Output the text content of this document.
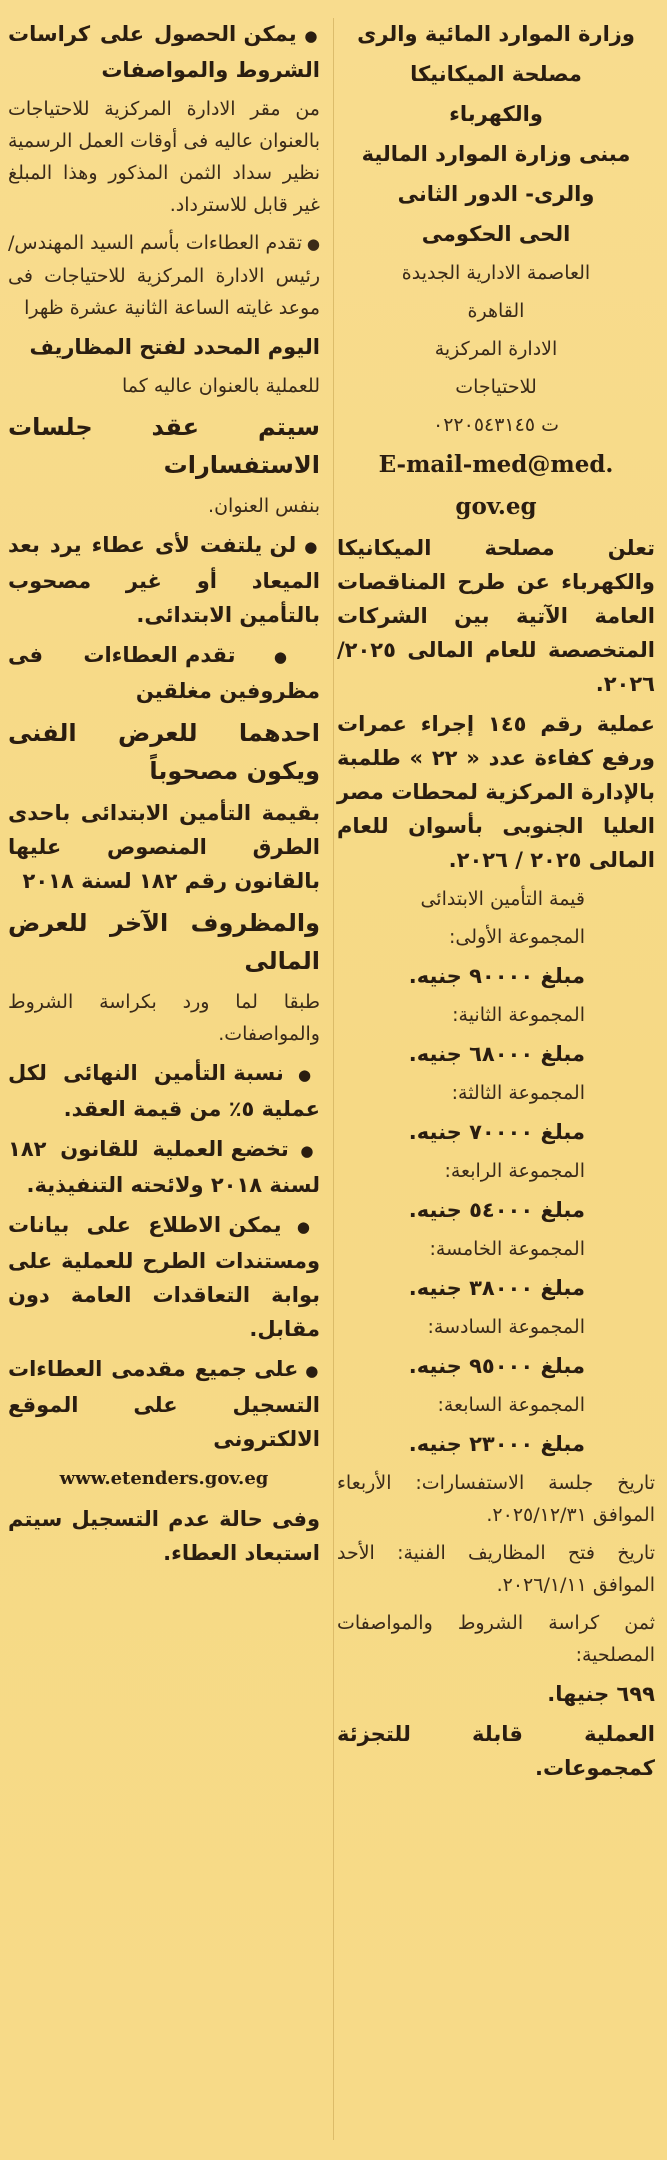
وزارة الموارد المائية والرى

مصلحة الميكانيكا

والكهرباء

مبنى وزارة الموارد المالية

والرى- الدور الثانى

الحى الحكومى

العاصمة الادارية الجديدة

القاهرة

الادارة المركزية

للاحتياجات

ت ٠٢٢٠٥٤٣١٤٥

E-mail-med@med.

gov.eg

تعلن مصلحة الميكانيكا والكهرباء عن طرح المناقصات العامة الآتية بين الشركات المتخصصة للعام المالى ٢٠٢٥/ ٢٠٢٦.

عملية رقم ١٤٥ إجراء عمرات ورفع كفاءة عدد « ٢٢ » طلمبة بالإدارة المركزية لمحطات مصر العليا الجنوبى بأسوان للعام المالى ٢٠٢٥ / ٢٠٢٦.

قيمة التأمين الابتدائى

المجموعة الأولى:

مبلغ ٩٠٠٠٠ جنيه.

المجموعة الثانية:

مبلغ ٦٨٠٠٠ جنيه.

المجموعة الثالثة:

مبلغ ٧٠٠٠٠ جنيه.

المجموعة الرابعة:

مبلغ ٥٤٠٠٠ جنيه.

المجموعة الخامسة:

مبلغ ٣٨٠٠٠ جنيه.

المجموعة السادسة:

مبلغ ٩٥٠٠٠ جنيه.

المجموعة السابعة:

مبلغ ٢٣٠٠٠ جنيه.

تاريخ جلسة الاستفسارات: الأربعاء الموافق ٢٠٢٥/١٢/٣١.

تاريخ فتح المظاريف الفنية: الأحد الموافق ٢٠٢٦/١/١١.

ثمن كراسة الشروط والمواصفات المصلحية:

٦٩٩ جنيها.

العملية قابلة للتجزئة كمجموعات.

● يمكن الحصول على كراسات الشروط والمواصفات

من مقر الادارة المركزية للاحتياجات بالعنوان عاليه فى أوقات العمل الرسمية نظير سداد الثمن المذكور وهذا المبلغ غير قابل للاسترداد.

● تقدم العطاءات بأسم السيد المهندس/ رئيس الادارة المركزية للاحتياجات فى موعد غايته الساعة الثانية عشرة ظهرا

اليوم المحدد لفتح المظاريف

للعملية بالعنوان عاليه كما

سيتم عقد جلسات الاستفسارات

بنفس العنوان.

● لن يلتفت لأى عطاء يرد بعد الميعاد أو غير مصحوب بالتأمين الابتدائى.

● تقدم العطاءات فى مظروفين مغلقين

احدهما للعرض الفنى ويكون مصحوباً

بقيمة التأمين الابتدائى باحدى الطرق المنصوص عليها بالقانون رقم ١٨٢ لسنة ٢٠١٨

والمظروف الآخر للعرض المالى

طبقا لما ورد بكراسة الشروط والمواصفات.

● نسبة التأمين النهائى لكل عملية ٥٪ من قيمة العقد.

● تخضع العملية للقانون ١٨٢ لسنة ٢٠١٨ ولائحته التنفيذية.

● يمكن الاطلاع على بيانات ومستندات الطرح للعملية على بوابة التعاقدات العامة دون مقابل.

● على جميع مقدمى العطاءات التسجيل على الموقع الالكترونى

www.etenders.gov.eg

وفى حالة عدم التسجيل سيتم استبعاد العطاء.
